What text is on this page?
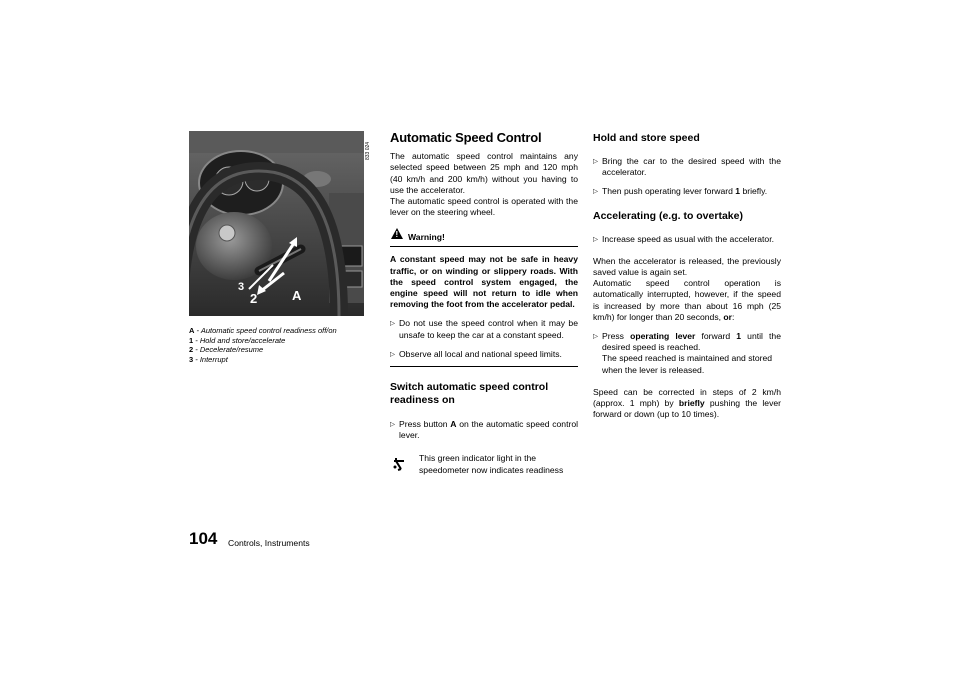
1
2
3
A
833 024
A - Automatic speed control readiness off/on
1 - Hold and store/accelerate
2 - Decelerate/resume
3 - Interrupt
Automatic Speed Control

The automatic speed control maintains any selected speed between 25 mph and 120 mph (40 km/h and 200 km/h) without you having to use the accelerator.

The automatic speed control is operated with the lever on the steering wheel.

!
Warning!

A constant speed may not be safe in heavy traffic, or on winding or slippery roads. With the speed control system engaged, the engine speed will not return to idle when removing the foot from the accelerator pedal.

▷ Do not use the speed control when it may be unsafe to keep the car at a constant speed.

▷ Observe all local and national speed limits.

Switch automatic speed control readiness on

▷ Press button A on the automatic speed control lever.

This green indicator light in the speedometer now indicates readiness
Hold and store speed

▷ Bring the car to the desired speed with the accelerator.

▷ Then push operating lever forward 1 briefly.

Accelerating (e.g. to overtake)

▷ Increase speed as usual with the accelerator.

When the accelerator is released, the previously saved value is again set.

Automatic speed control operation is automatically interrupted, however, if the speed is increased by more than about 16 mph (25 km/h) for longer than 20 seconds, or:

▷ Press operating lever forward 1 until the desired speed is reached.

The speed reached is maintained and stored when the lever is released.

Speed can be corrected in steps of 2 km/h (approx. 1 mph) by briefly pushing the lever forward or down (up to 10 times).

104 Controls, Instruments
